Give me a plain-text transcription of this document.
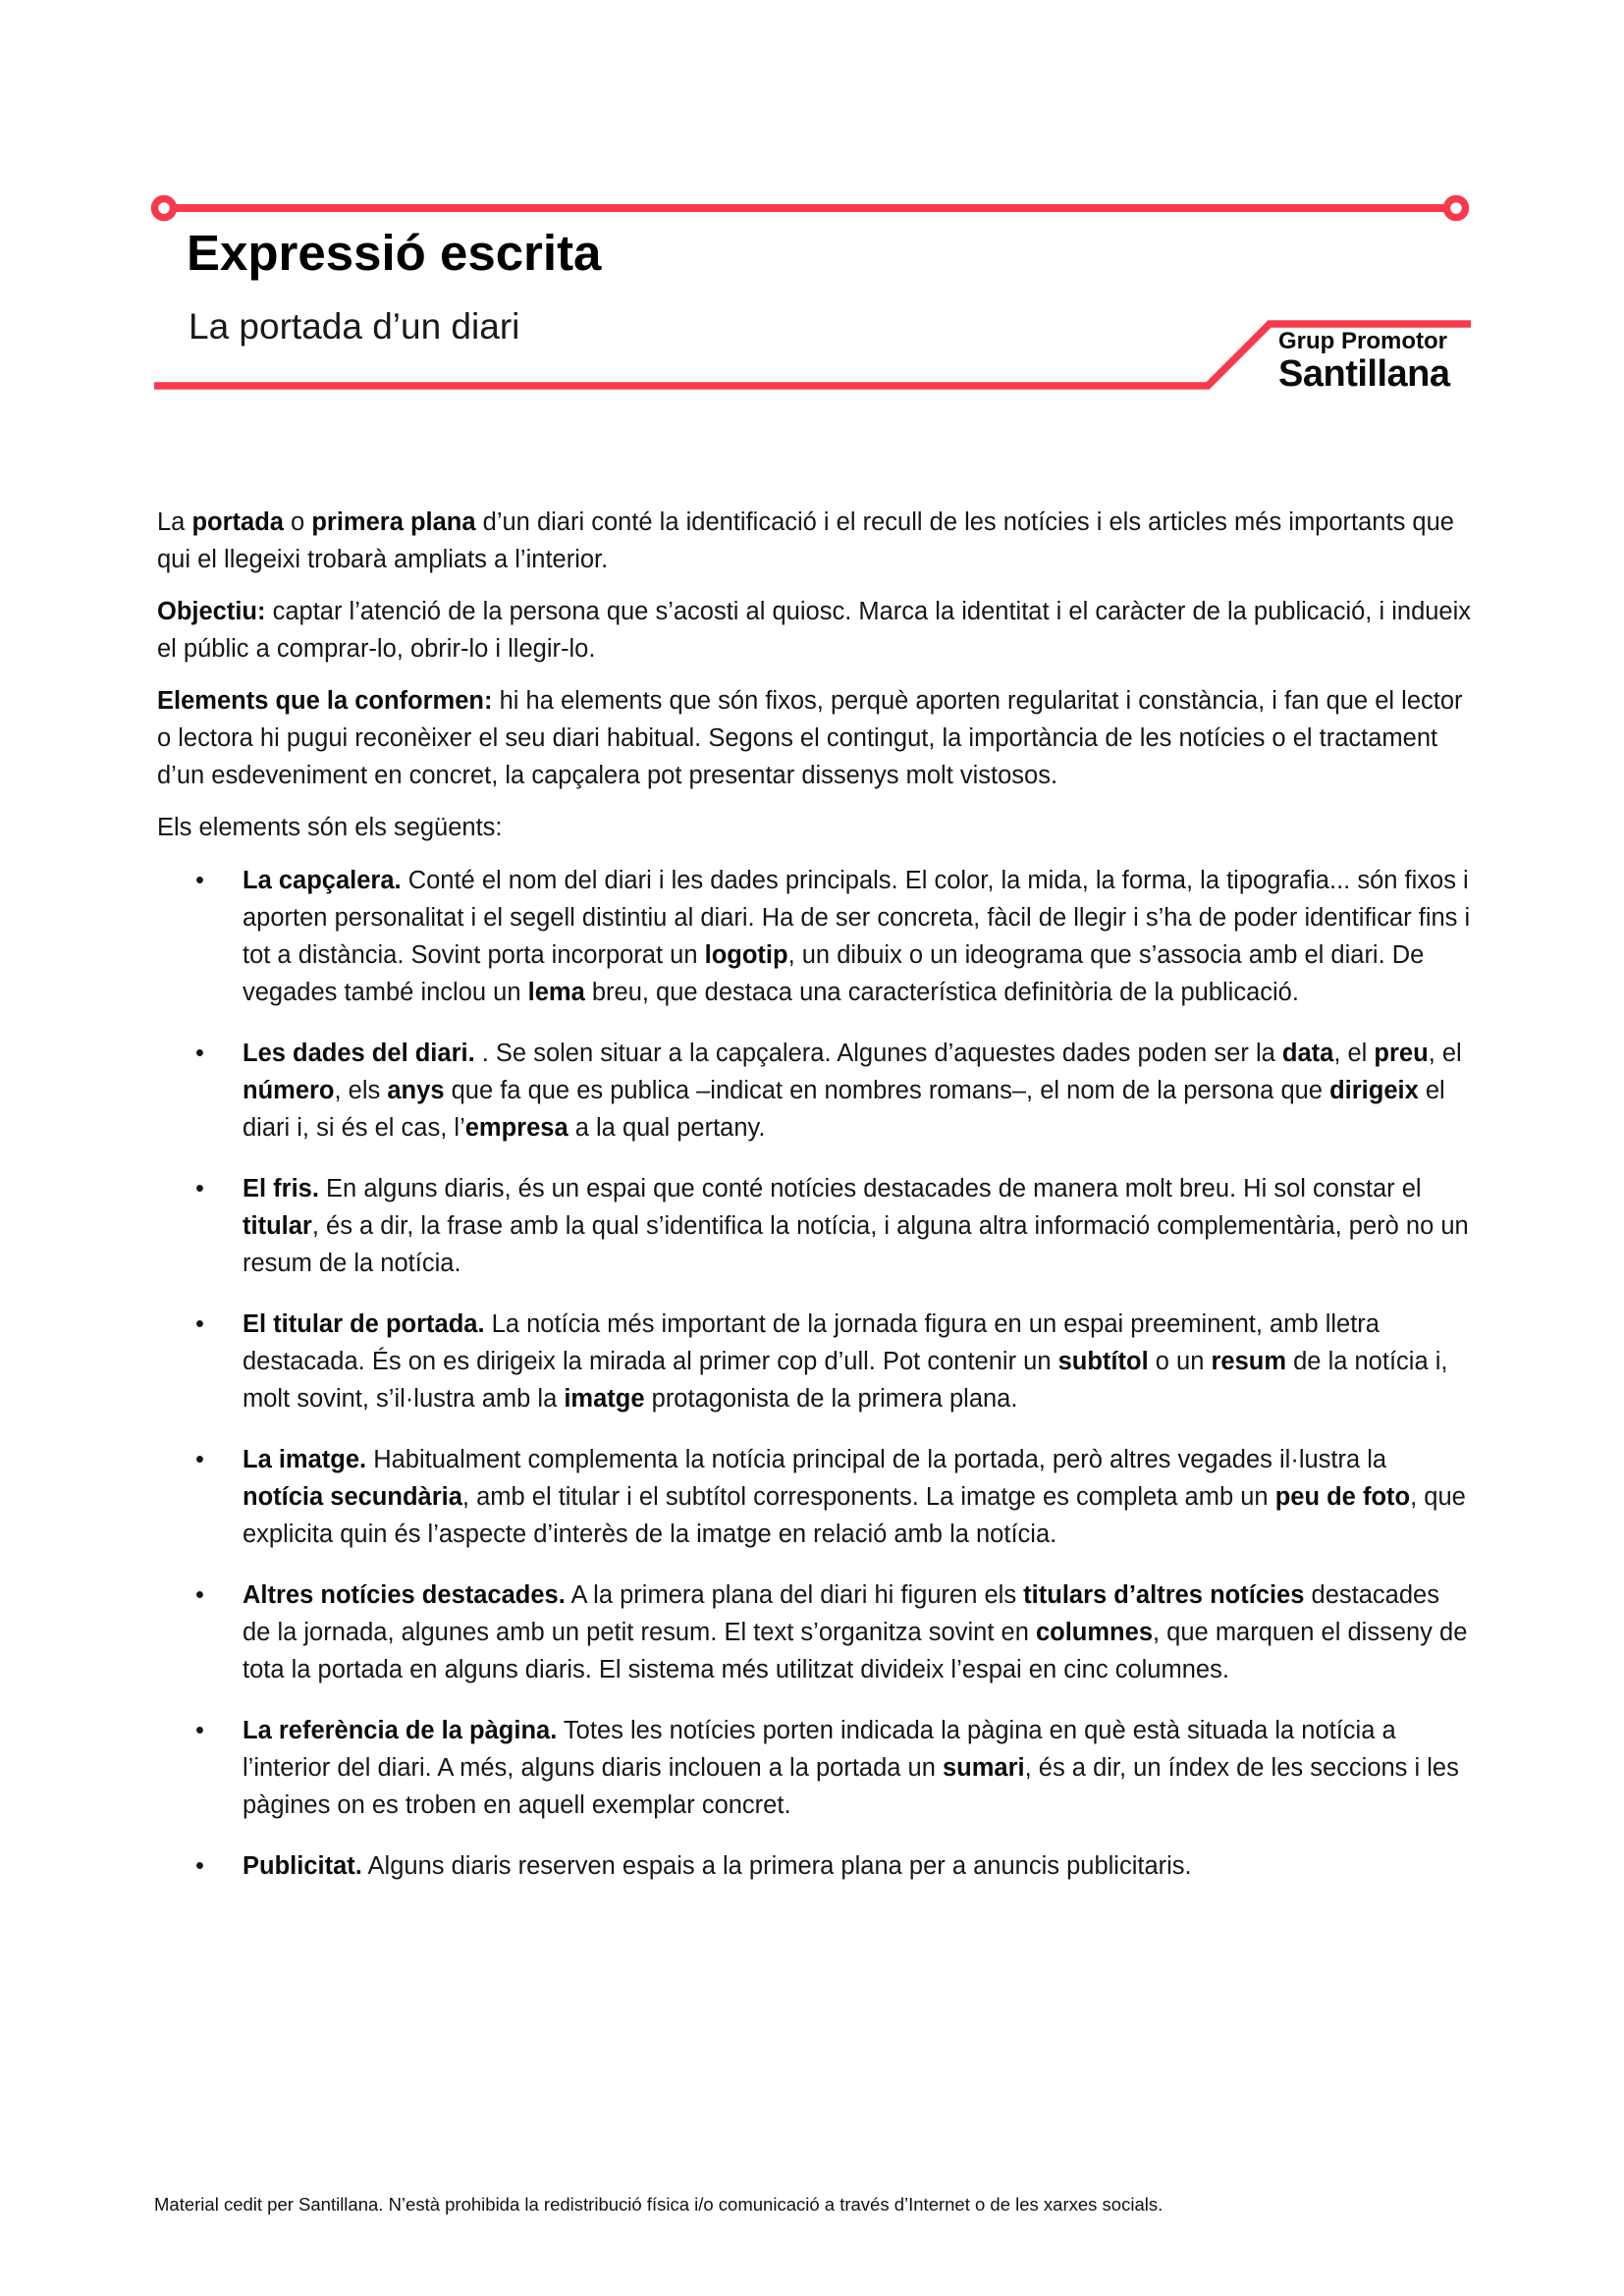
Expressió escrita
La portada d’un diari	Grup Promotor
Santillana

La portada o primera plana d’un diari conté la identificació i el recull de les notícies i els articles més importants que qui el llegeixi trobarà ampliats a l’interior.

Objectiu: captar l’atenció de la persona que s’acosti al quiosc. Marca la identitat i el caràcter de la publicació, i indueix el públic a comprar-lo, obrir-lo i llegir-lo.

Elements que la conformen: hi ha elements que són fixos, perquè aporten regularitat i constància, i fan que el lector o lectora hi pugui reconèixer el seu diari habitual. Segons el contingut, la importància de les notícies o el tractament d’un esdeveniment en concret, la capçalera pot presentar dissenys molt vistosos.

Els elements són els següents:

• La capçalera. Conté el nom del diari i les dades principals. El color, la mida, la forma, la tipografia... són fixos i aporten personalitat i el segell distintiu al diari. Ha de ser concreta, fàcil de llegir i s’ha de poder identificar fins i tot a distància. Sovint porta incorporat un logotip, un dibuix o un ideograma que s’associa amb el diari. De vegades també inclou un lema breu, que destaca una característica definitòria de la publicació.
• Les dades del diari. . Se solen situar a la capçalera. Algunes d’aquestes dades poden ser la data, el preu, el número, els anys que fa que es publica –indicat en nombres romans–, el nom de la persona que dirigeix el diari i, si és el cas, l’empresa a la qual pertany.
• El fris. En alguns diaris, és un espai que conté notícies destacades de manera molt breu. Hi sol constar el titular, és a dir, la frase amb la qual s’identifica la notícia, i alguna altra informació complementària, però no un resum de la notícia.
• El titular de portada. La notícia més important de la jornada figura en un espai preeminent, amb lletra destacada. És on es dirigeix la mirada al primer cop d’ull. Pot contenir un subtítol o un resum de la notícia i, molt sovint, s’il·lustra amb la imatge protagonista de la primera plana.
• La imatge. Habitualment complementa la notícia principal de la portada, però altres vegades il·lustra la notícia secundària, amb el titular i el subtítol corresponents. La imatge es completa amb un peu de foto, que explicita quin és l’aspecte d’interès de la imatge en relació amb la notícia.
• Altres notícies destacades. A la primera plana del diari hi figuren els titulars d’altres notícies destacades de la jornada, algunes amb un petit resum. El text s’organitza sovint en columnes, que marquen el disseny de tota la portada en alguns diaris. El sistema més utilitzat divideix l’espai en cinc columnes.
• La referència de la pàgina. Totes les notícies porten indicada la pàgina en què està situada la notícia a l’interior del diari. A més, alguns diaris inclouen a la portada un sumari, és a dir, un índex de les seccions i les pàgines on es troben en aquell exemplar concret.
• Publicitat. Alguns diaris reserven espais a la primera plana per a anuncis publicitaris.
Material cedit per Santillana. N’està prohibida la redistribució física i/o comunicació a través d’Internet o de les xarxes socials.
